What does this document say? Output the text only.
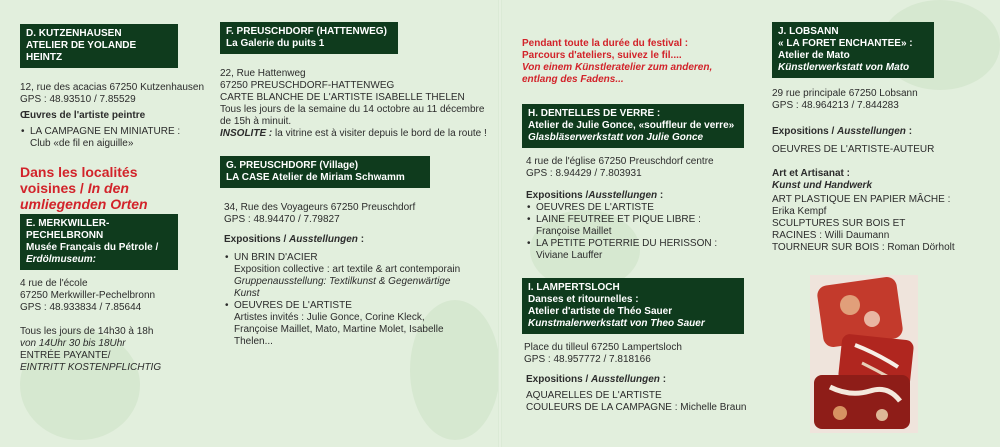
D. KUTZENHAUSEN
ATELIER DE YOLANDE HEINTZ

12, rue des acacias 67250 Kutzenhausen

GPS : 48.93510 / 7.85529

Œuvres de l'artiste peintre

• LA CAMPAGNE EN MINIATURE :

Club «de fil en aiguille»

Dans les localités
voisines / In den
umliegenden Orten
E. MERKWILLER-
PECHELBRONN
Musée Français du Pétrole /
Erdölmuseum:

4 rue de l'école

67250 Merkwiller-Pechelbronn

GPS : 48.933834 / 7.85644

Tous les jours de 14h30 à 18h

von 14Uhr 30 bis 18Uhr

ENTRÉE PAYANTE/

EINTRITT KOSTENPFLICHTIG

F. PREUSCHDORF (HATTENWEG)
La Galerie du puits 1

22, Rue Hattenweg

67250 PREUSCHDORF-HATTENWEG

CARTE BLANCHE DE L'ARTISTE ISABELLE THELEN

Tous les jours de la semaine du 14 octobre au 11 décembre

de 15h à minuit.

INSOLITE : la vitrine est à visiter depuis le bord de la route !

G. PREUSCHDORF (Village)
LA CASE Atelier de Miriam Schwamm

34, Rue des Voyageurs 67250 Preuschdorf

GPS : 48.94470 / 7.79827

Expositions / Ausstellungen :

• UN BRIN D'ACIER
Exposition collective : art textile & art contemporain
Gruppenausstellung: Textilkunst & Gegenwärtige
Kunst
• OEUVRES DE L'ARTISTE
Artistes invités : Julie Gonce, Corine Kleck,
Françoise Maillet, Mato, Martine Molet, Isabelle
Thelen...
Pendant toute la durée du festival :
Parcours d'ateliers, suivez le fil....
Von einem Künstleratelier zum anderen,
entlang des Fadens...
H. DENTELLES DE VERRE :
Atelier de Julie Gonce, «souffleur de verre»
Glasbläserwerkstatt von Julie Gonce

4 rue de l'église 67250 Preuschdorf centre

GPS : 8.94429 / 7.803931

Expositions /Ausstellungen :

• OEUVRES DE L'ARTISTE
• LAINE FEUTREE ET PIQUE LIBRE :

Françoise Maillet

• LA PETITE POTERRIE DU HERISSON :

Viviane Lauffer

I. LAMPERTSLOCH
Danses et ritournelles :
Atelier d'artiste de Théo Sauer
Kunstmalerwerkstatt von Theo Sauer

Place du tilleul 67250 Lampertsloch

GPS : 48.957772 / 7.818166

Expositions / Ausstellungen :

AQUARELLES DE L'ARTISTE

COULEURS DE LA CAMPAGNE : Michelle Braun

J. LOBSANN
« LA FORET ENCHANTEE» :
Atelier de Mato
Künstlerwerkstatt von Mato

29 rue principale 67250 Lobsann

GPS : 48.964213 / 7.844283

Expositions / Ausstellungen :

OEUVRES DE L'ARTISTE-AUTEUR

Art et Artisanat :

Kunst und Handwerk

ART PLASTIQUE EN PAPIER MÂCHE :

Erika Kempf

SCULPTURES SUR BOIS ET

RACINES : Willi Daumann

TOURNEUR SUR BOIS : Roman Dörholt
